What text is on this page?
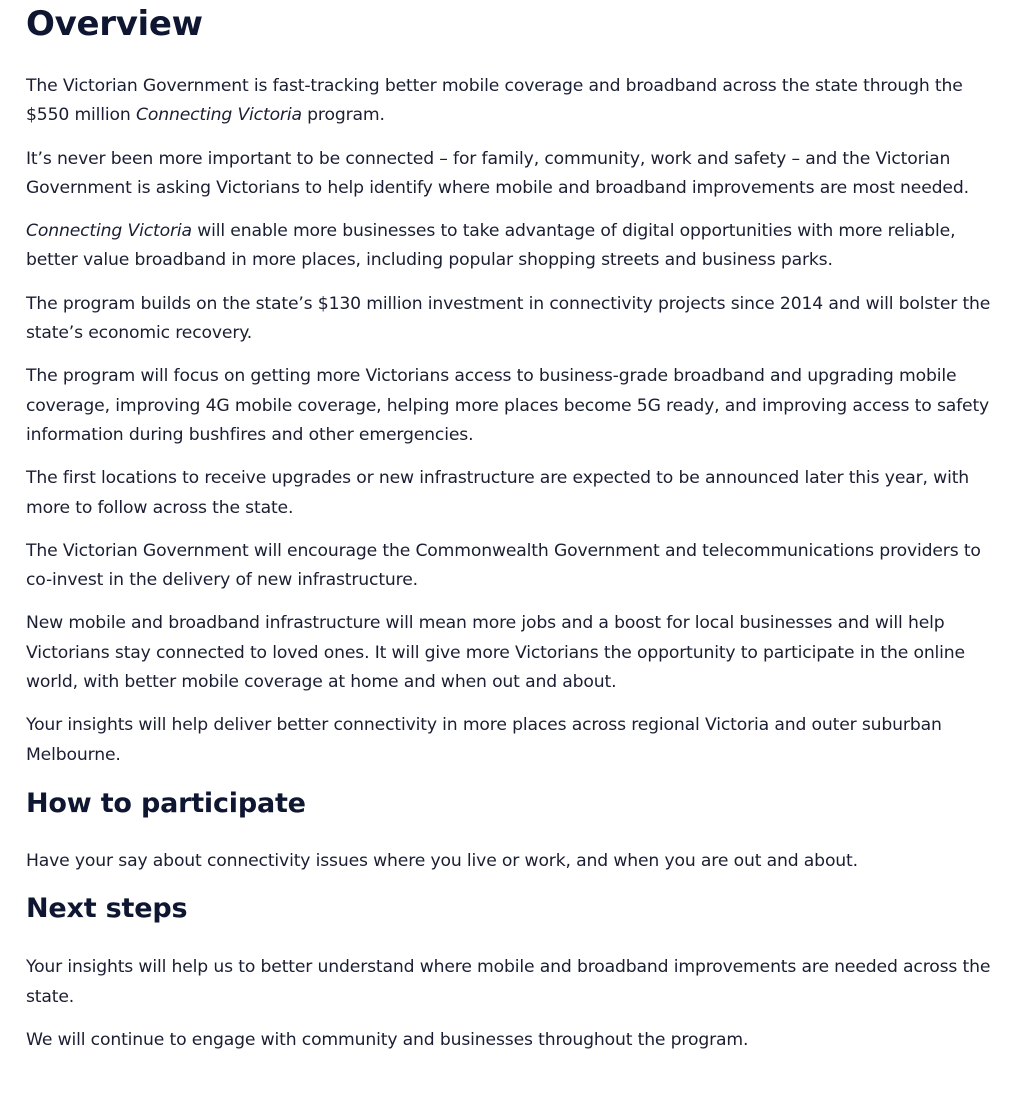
Overview

The Victorian Government is fast-tracking better mobile coverage and broadband across the state through the $550 million Connecting Victoria program.

It’s never been more important to be connected – for family, community, work and safety – and the Victorian Government is asking Victorians to help identify where mobile and broadband improvements are most needed.

Connecting Victoria will enable more businesses to take advantage of digital opportunities with more reliable, better value broadband in more places, including popular shopping streets and business parks.

The program builds on the state’s $130 million investment in connectivity projects since 2014 and will bolster the state’s economic recovery.

The program will focus on getting more Victorians access to business-grade broadband and upgrading mobile coverage, improving 4G mobile coverage, helping more places become 5G ready, and improving access to safety information during bushfires and other emergencies.

The first locations to receive upgrades or new infrastructure are expected to be announced later this year, with more to follow across the state.

The Victorian Government will encourage the Commonwealth Government and telecommunications providers to co-invest in the delivery of new infrastructure.

New mobile and broadband infrastructure will mean more jobs and a boost for local businesses and will help Victorians stay connected to loved ones. It will give more Victorians the opportunity to participate in the online world, with better mobile coverage at home and when out and about.

Your insights will help deliver better connectivity in more places across regional Victoria and outer suburban Melbourne.

How to participate

Have your say about connectivity issues where you live or work, and when you are out and about.

Next steps

Your insights will help us to better understand where mobile and broadband improvements are needed across the state.

We will continue to engage with community and businesses throughout the program.
